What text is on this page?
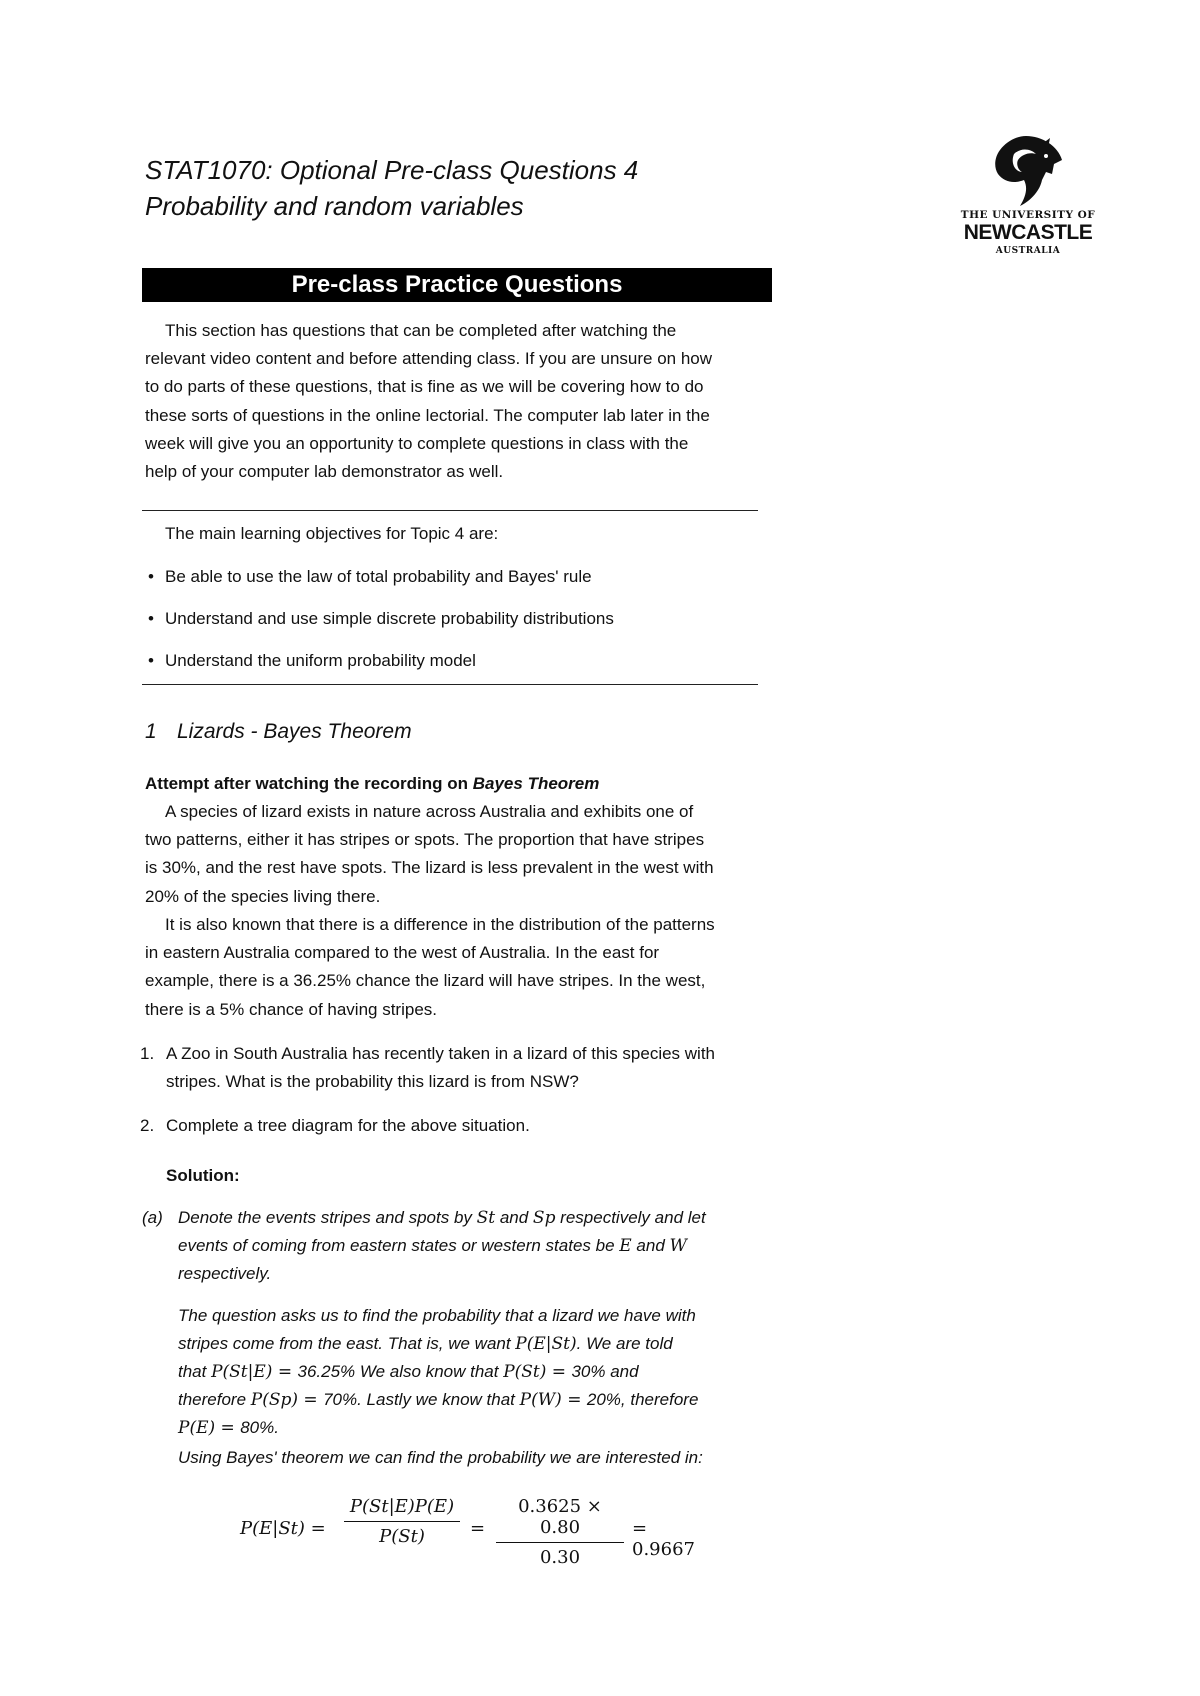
STAT1070: Optional Pre-class Questions 4
Probability and random variables	THE UNIVERSITY OF
NEWCASTLE
AUSTRALIA
Pre-class Practice Questions
This section has questions that can be completed after watching the
relevant video content and before attending class. If you are unsure on how
to do parts of these questions, that is fine as we will be covering how to do
these sorts of questions in the online lectorial. The computer lab later in the
week will give you an opportunity to complete questions in class with the
help of your computer lab demonstrator as well.
The main learning objectives for Topic 4 are:
• Be able to use the law of total probability and Bayes' rule
• Understand and use simple discrete probability distributions
• Understand the uniform probability model
1 Lizards - Bayes Theorem
Attempt after watching the recording on Bayes Theorem
A species of lizard exists in nature across Australia and exhibits one of
two patterns, either it has stripes or spots. The proportion that have stripes
is 30%, and the rest have spots. The lizard is less prevalent in the west with
20% of the species living there.
It is also known that there is a difference in the distribution of the patterns
in eastern Australia compared to the west of Australia. In the east for
example, there is a 36.25% chance the lizard will have stripes. In the west,
there is a 5% chance of having stripes.
1. A Zoo in South Australia has recently taken in a lizard of this species with
stripes. What is the probability this lizard is from NSW?
2. Complete a tree diagram for the above situation.
Solution:
(a) Denote the events stripes and spots by St and Sp respectively and let
events of coming from eastern states or western states be E and W
respectively.
The question asks us to find the probability that a lizard we have with
stripes come from the east. That is, we want P(E|St). We are told
that P(St|E) = 36.25% We also know that P(St) = 30% and
therefore P(Sp) = 70%. Lastly we know that P(W) = 20%, therefore
P(E) = 80%.
Using Bayes' theorem we can find the probability we are interested in:
P(E|St) =
P(St|E)P(E)
P(St)	=
0.3625 × 0.80
0.30
= 0.9667
